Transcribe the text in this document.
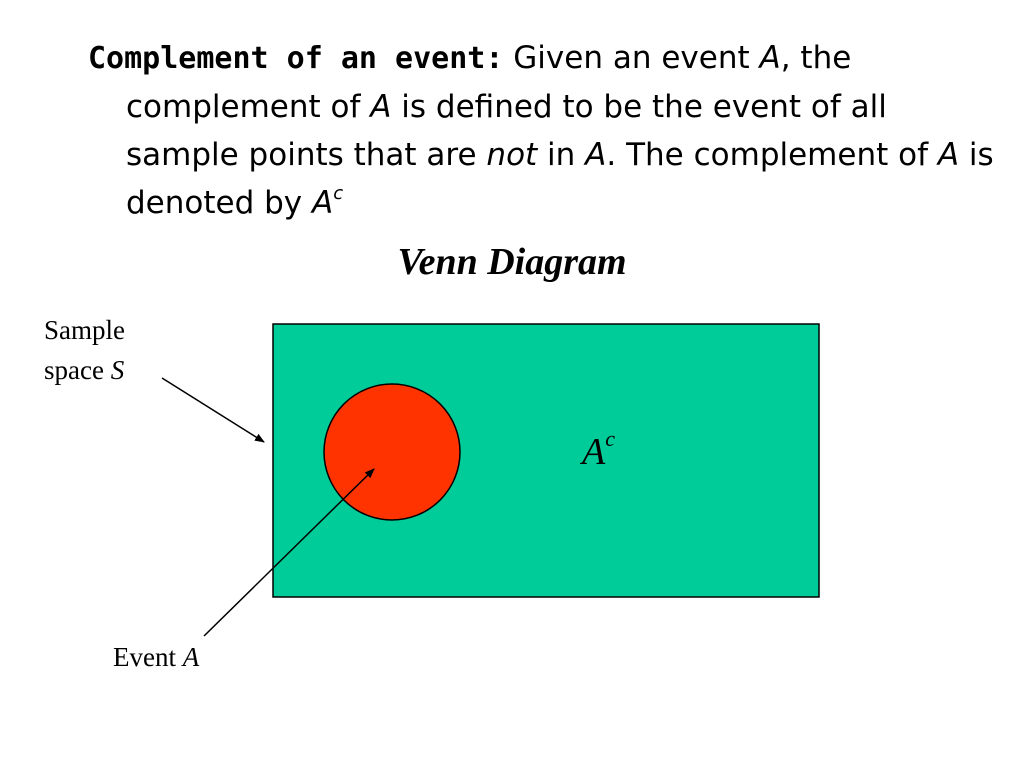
Complement of an event: Given an event A, the complement of A is defined to be the event of all sample points that are not in A. The complement of A is denoted by $A^c$

Venn Diagram
Sample
space S
$A^c$
Event A
